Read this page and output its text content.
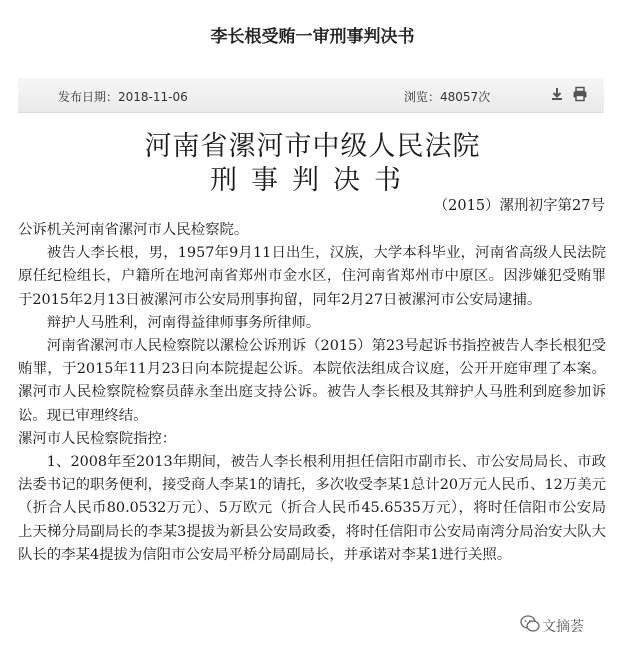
李长根受贿一审刑事判决书
发布日期：2018-11-06	浏览：48057次
河南省漯河市中级人民法院
刑事判决书
（2015）漯刑初字第27号

公诉机关河南省漯河市人民检察院。

被告人李长根，男，1957年9月11日出生，汉族，大学本科毕业，河南省高级人民法院原任纪检组长，户籍所在地河南省郑州市金水区，住河南省郑州市中原区。因涉嫌犯受贿罪于2015年2月13日被漯河市公安局刑事拘留，同年2月27日被漯河市公安局逮捕。

辩护人马胜利，河南得益律师事务所律师。

河南省漯河市人民检察院以漯检公诉刑诉（2015）第23号起诉书指控被告人李长根犯受贿罪，于2015年11月23日向本院提起公诉。本院依法组成合议庭，公开开庭审理了本案。漯河市人民检察院检察员薛永奎出庭支持公诉。被告人李长根及其辩护人马胜利到庭参加诉讼。现已审理终结。

漯河市人民检察院指控：

1、2008年至2013年期间，被告人李长根利用担任信阳市副市长、市公安局局长、市政法委书记的职务便利，接受商人李某1的请托，多次收受李某1总计20万元人民币、12万美元（折合人民币80.0532万元）、5万欧元（折合人民币45.6535万元），将时任信阳市公安局上天梯分局副局长的李某3提拔为新县公安局政委，将时任信阳市公安局南湾分局治安大队大队长的李某4提拔为信阳市公安局平桥分局副局长，并承诺对李某1进行关照。

文摘荟
